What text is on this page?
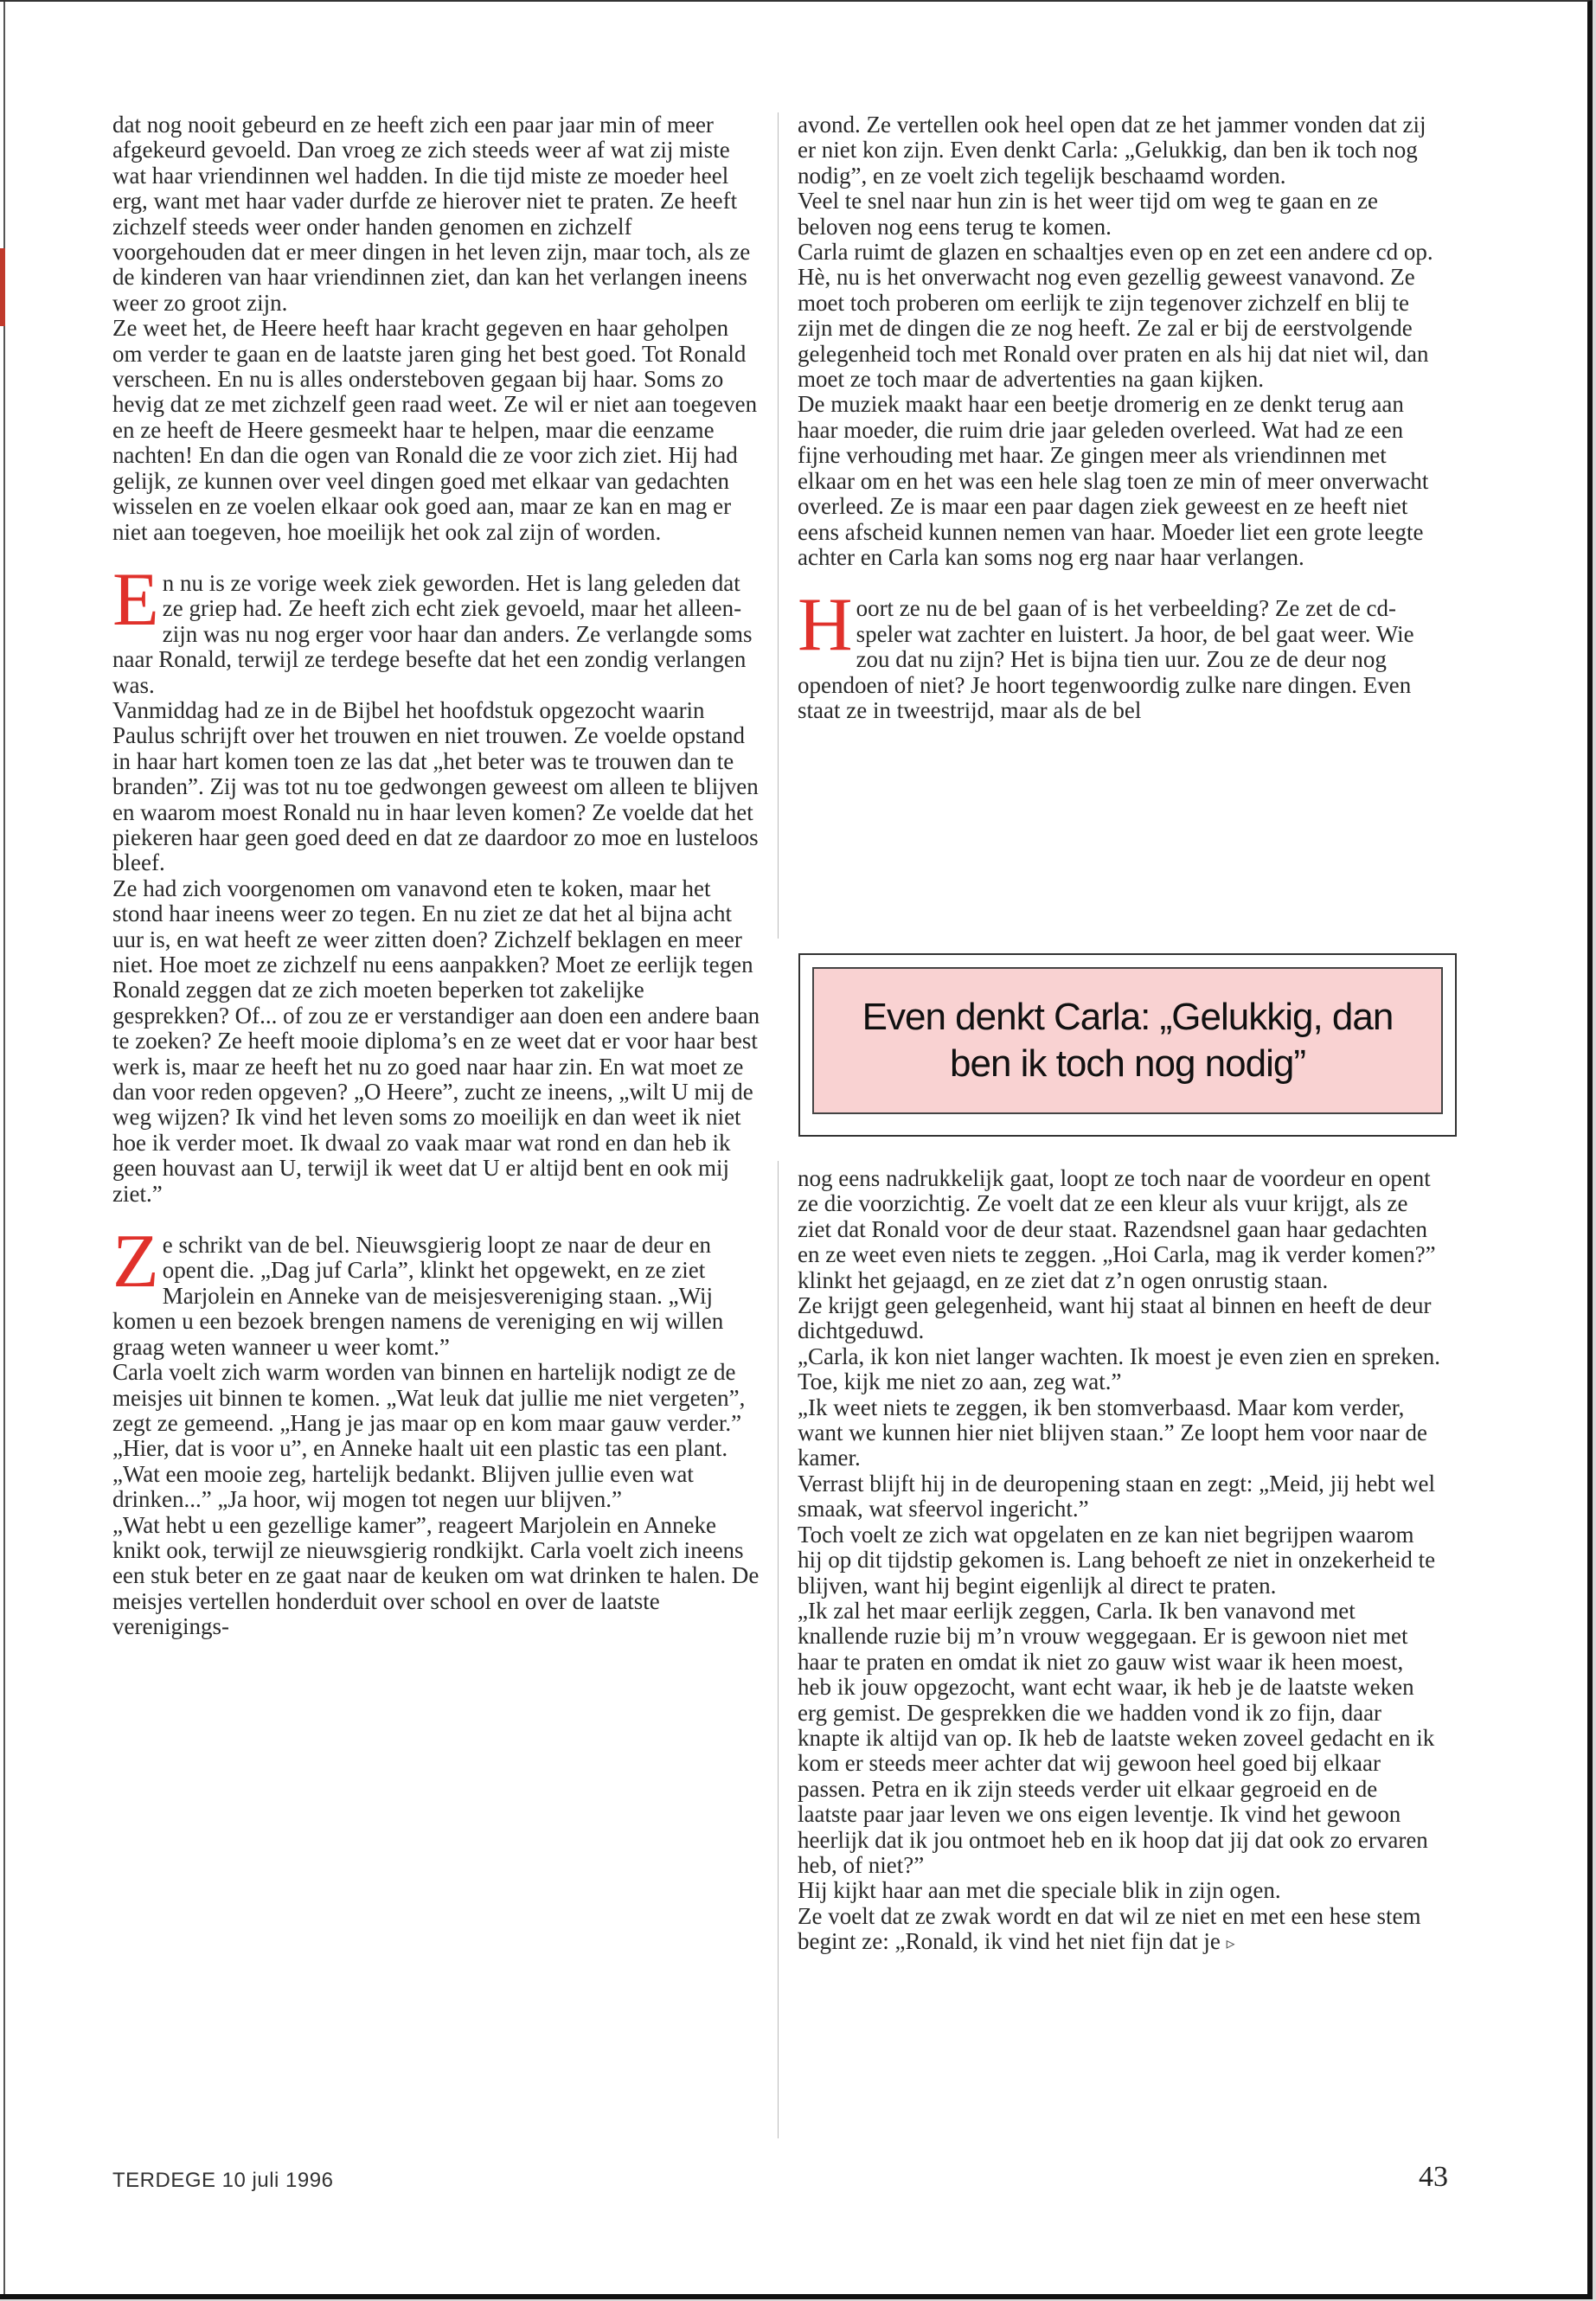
dat nog nooit gebeurd en ze heeft zich een paar jaar min of meer afgekeurd gevoeld. Dan vroeg ze zich steeds weer af wat zij miste wat haar vriendinnen wel hadden. In die tijd miste ze moeder heel erg, want met haar vader durfde ze hierover niet te praten. Ze heeft zichzelf steeds weer onder handen genomen en zichzelf voorgehouden dat er meer dingen in het leven zijn, maar toch, als ze de kinderen van haar vriendinnen ziet, dan kan het verlangen ineens weer zo groot zijn.

Ze weet het, de Heere heeft haar kracht gegeven en haar geholpen om verder te gaan en de laatste jaren ging het best goed. Tot Ronald verscheen. En nu is alles ondersteboven gegaan bij haar. Soms zo hevig dat ze met zichzelf geen raad weet. Ze wil er niet aan toegeven en ze heeft de Heere gesmeekt haar te helpen, maar die eenzame nachten! En dan die ogen van Ronald die ze voor zich ziet. Hij had gelijk, ze kunnen over veel dingen goed met elkaar van gedachten wisselen en ze voelen elkaar ook goed aan, maar ze kan en mag er niet aan toegeven, hoe moeilijk het ook zal zijn of worden.

En nu is ze vorige week ziek geworden. Het is lang geleden dat ze griep had. Ze heeft zich echt ziek gevoeld, maar het alleen-zijn was nu nog erger voor haar dan anders. Ze verlangde soms naar Ronald, terwijl ze terdege besefte dat het een zondig verlangen was.

Vanmiddag had ze in de Bijbel het hoofdstuk opgezocht waarin Paulus schrijft over het trouwen en niet trouwen. Ze voelde opstand in haar hart komen toen ze las dat „het beter was te trouwen dan te branden”. Zij was tot nu toe gedwongen geweest om alleen te blijven en waarom moest Ronald nu in haar leven komen? Ze voelde dat het piekeren haar geen goed deed en dat ze daardoor zo moe en lusteloos bleef.

Ze had zich voorgenomen om vanavond eten te koken, maar het stond haar ineens weer zo tegen. En nu ziet ze dat het al bijna acht uur is, en wat heeft ze weer zitten doen? Zichzelf beklagen en meer niet. Hoe moet ze zichzelf nu eens aanpakken? Moet ze eerlijk tegen Ronald zeggen dat ze zich moeten beperken tot zakelijke gesprekken? Of... of zou ze er verstandiger aan doen een andere baan te zoeken? Ze heeft mooie diploma’s en ze weet dat er voor haar best werk is, maar ze heeft het nu zo goed naar haar zin. En wat moet ze dan voor reden opgeven? „O Heere”, zucht ze ineens, „wilt U mij de weg wijzen? Ik vind het leven soms zo moeilijk en dan weet ik niet hoe ik verder moet. Ik dwaal zo vaak maar wat rond en dan heb ik geen houvast aan U, terwijl ik weet dat U er altijd bent en ook mij ziet.”

Ze schrikt van de bel. Nieuwsgierig loopt ze naar de deur en opent die. „Dag juf Carla”, klinkt het opgewekt, en ze ziet Marjolein en Anneke van de meisjesvereniging staan. „Wij komen u een bezoek brengen namens de vereniging en wij willen graag weten wanneer u weer komt.”

Carla voelt zich warm worden van binnen en hartelijk nodigt ze de meisjes uit binnen te komen. „Wat leuk dat jullie me niet vergeten”, zegt ze gemeend. „Hang je jas maar op en kom maar gauw verder.”

„Hier, dat is voor u”, en Anneke haalt uit een plastic tas een plant. „Wat een mooie zeg, hartelijk bedankt. Blijven jullie even wat drinken...” „Ja hoor, wij mogen tot negen uur blijven.”

„Wat hebt u een gezellige kamer”, reageert Marjolein en Anneke knikt ook, terwijl ze nieuwsgierig rondkijkt. Carla voelt zich ineens een stuk beter en ze gaat naar de keuken om wat drinken te halen. De meisjes vertellen honderduit over school en over de laatste verenigings-

avond. Ze vertellen ook heel open dat ze het jammer vonden dat zij er niet kon zijn. Even denkt Carla: „Gelukkig, dan ben ik toch nog nodig”, en ze voelt zich tegelijk beschaamd worden.

Veel te snel naar hun zin is het weer tijd om weg te gaan en ze beloven nog eens terug te komen.

Carla ruimt de glazen en schaaltjes even op en zet een andere cd op. Hè, nu is het onverwacht nog even gezellig geweest vanavond. Ze moet toch proberen om eerlijk te zijn tegenover zichzelf en blij te zijn met de dingen die ze nog heeft. Ze zal er bij de eerstvolgende gelegenheid toch met Ronald over praten en als hij dat niet wil, dan moet ze toch maar de advertenties na gaan kijken.

De muziek maakt haar een beetje dromerig en ze denkt terug aan haar moeder, die ruim drie jaar geleden overleed. Wat had ze een fijne verhouding met haar. Ze gingen meer als vriendinnen met elkaar om en het was een hele slag toen ze min of meer onverwacht overleed. Ze is maar een paar dagen ziek geweest en ze heeft niet eens afscheid kunnen nemen van haar. Moeder liet een grote leegte achter en Carla kan soms nog erg naar haar verlangen.

Hoort ze nu de bel gaan of is het verbeelding? Ze zet de cd-speler wat zachter en luistert. Ja hoor, de bel gaat weer. Wie zou dat nu zijn? Het is bijna tien uur. Zou ze de deur nog opendoen of niet? Je hoort tegenwoordig zulke nare dingen. Even staat ze in tweestrijd, maar als de bel

Even denkt Carla: „Gelukkig, dan ben ik toch nog nodig”

nog eens nadrukkelijk gaat, loopt ze toch naar de voordeur en opent ze die voorzichtig. Ze voelt dat ze een kleur als vuur krijgt, als ze ziet dat Ronald voor de deur staat. Razendsnel gaan haar gedachten en ze weet even niets te zeggen. „Hoi Carla, mag ik verder komen?” klinkt het gejaagd, en ze ziet dat z’n ogen onrustig staan.

Ze krijgt geen gelegenheid, want hij staat al binnen en heeft de deur dichtgeduwd.

„Carla, ik kon niet langer wachten. Ik moest je even zien en spreken. Toe, kijk me niet zo aan, zeg wat.”

„Ik weet niets te zeggen, ik ben stomverbaasd. Maar kom verder, want we kunnen hier niet blijven staan.” Ze loopt hem voor naar de kamer.

Verrast blijft hij in de deuropening staan en zegt: „Meid, jij hebt wel smaak, wat sfeervol ingericht.”

Toch voelt ze zich wat opgelaten en ze kan niet begrijpen waarom hij op dit tijdstip gekomen is. Lang behoeft ze niet in onzekerheid te blijven, want hij begint eigenlijk al direct te praten.

„Ik zal het maar eerlijk zeggen, Carla. Ik ben vanavond met knallende ruzie bij m’n vrouw weggegaan. Er is gewoon niet met haar te praten en omdat ik niet zo gauw wist waar ik heen moest, heb ik jouw opgezocht, want echt waar, ik heb je de laatste weken erg gemist. De gesprekken die we hadden vond ik zo fijn, daar knapte ik altijd van op. Ik heb de laatste weken zoveel gedacht en ik kom er steeds meer achter dat wij gewoon heel goed bij elkaar passen. Petra en ik zijn steeds verder uit elkaar gegroeid en de laatste paar jaar leven we ons eigen leventje. Ik vind het gewoon heerlijk dat ik jou ontmoet heb en ik hoop dat jij dat ook zo ervaren heb, of niet?”

Hij kijkt haar aan met die speciale blik in zijn ogen.

Ze voelt dat ze zwak wordt en dat wil ze niet en met een hese stem begint ze: „Ronald, ik vind het niet fijn dat je ▹

TERDEGE 10 juli 1996	43
